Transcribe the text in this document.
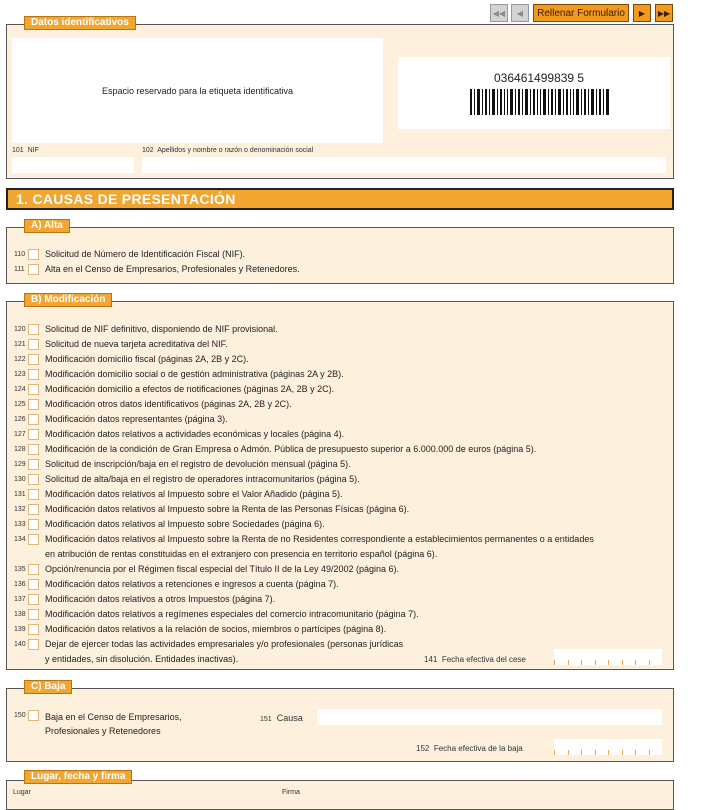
◀◀ ◀ Rellenar Formulario ▶ ▶▶
Espacio reservado para la etiqueta identificativa
036461499839 5
101 NIF	102 Apellidos y nombre o razón o denominación social
Datos identificativos
1. CAUSAS DE PRESENTACIÓN
110	Solicitud de Número de Identificación Fiscal (NIF).
111	Alta en el Censo de Empresarios, Profesionales y Retenedores.
A) Alta
141 Fecha efectiva del cese
120 Solicitud de NIF definitivo, disponiendo de NIF provisional.
121 Solicitud de nueva tarjeta acreditativa del NIF.
122 Modificación domicilio fiscal (páginas 2A, 2B y 2C).
123 Modificación domicilio social o de gestión administrativa (páginas 2A y 2B).
124 Modificación domicilio a efectos de notificaciones (páginas 2A, 2B y 2C).
125 Modificación otros datos identificativos (páginas 2A, 2B y 2C).
126 Modificación datos representantes (página 3).
127 Modificación datos relativos a actividades económicas y locales (página 4).
128 Modificación de la condición de Gran Empresa o Admón. Pública de presupuesto superior a 6.000.000 de euros (página 5).
129 Solicitud de inscripción/baja en el registro de devolución mensual (página 5).
130 Solicitud de alta/baja en el registro de operadores intracomunitarios (página 5).
131 Modificación datos relativos al Impuesto sobre el Valor Añadido (página 5).
132 Modificación datos relativos al Impuesto sobre la Renta de las Personas Físicas (página 6).
133 Modificación datos relativos al Impuesto sobre Sociedades (página 6).
134 Modificación datos relativos al Impuesto sobre la Renta de no Residentes correspondiente a establecimientos permanentes o a entidades
en atribución de rentas constituidas en el extranjero con presencia en territorio español (página 6).
135 Opción/renuncia por el Régimen fiscal especial del Título II de la Ley 49/2002 (página 6).
136 Modificación datos relativos a retenciones e ingresos a cuenta (página 7).
137 Modificación datos relativos a otros Impuestos (página 7).
138 Modificación datos relativos a regímenes especiales del comercio intracomunitario (página 7).
139 Modificación datos relativos a la relación de socios, miembros o partícipes (página 8).
140 Dejar de ejercer todas las actividades empresariales y/o profesionales (personas jurídicas
y entidades, sin disolución. Entidades inactivas).
B) Modificación
150 Baja en el Censo de Empresarios,
Profesionales y Retenedores
151 Causa
152 Fecha efectiva de la baja
C) Baja
Lugar	Firma
Lugar, fecha y firma
